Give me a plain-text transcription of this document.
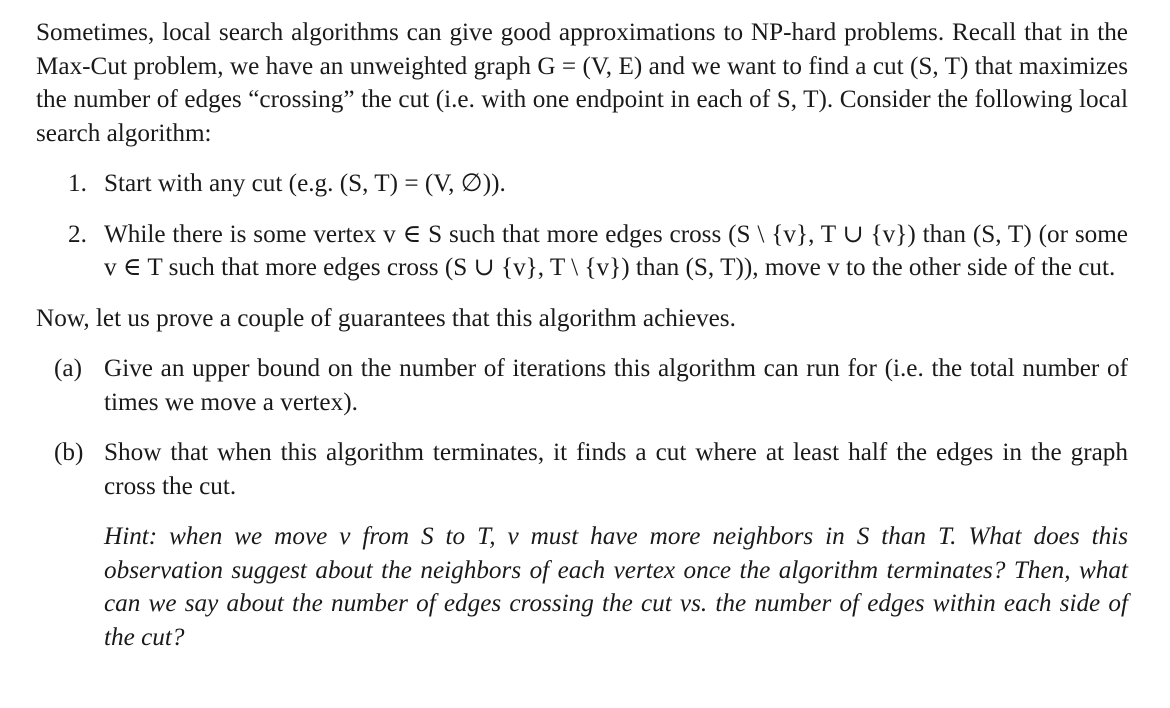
Sometimes, local search algorithms can give good approximations to NP-hard problems. Recall that in the Max-Cut problem, we have an unweighted graph G = (V, E) and we want to find a cut (S, T) that maximizes the number of edges “crossing” the cut (i.e. with one endpoint in each of S, T). Consider the following local search algorithm:

1. Start with any cut (e.g. (S, T) = (V, ∅)).
2. While there is some vertex v ∈ S such that more edges cross (S \ {v}, T ∪ {v}) than (S, T) (or some v ∈ T such that more edges cross (S ∪ {v}, T \ {v}) than (S, T)), move v to the other side of the cut.

Now, let us prove a couple of guarantees that this algorithm achieves.

(a) Give an upper bound on the number of iterations this algorithm can run for (i.e. the total number of times we move a vertex).
(b) Show that when this algorithm terminates, it finds a cut where at least half the edges in the graph cross the cut.

Hint: when we move v from S to T, v must have more neighbors in S than T. What does this observation suggest about the neighbors of each vertex once the algorithm terminates? Then, what can we say about the number of edges crossing the cut vs. the number of edges within each side of the cut?
